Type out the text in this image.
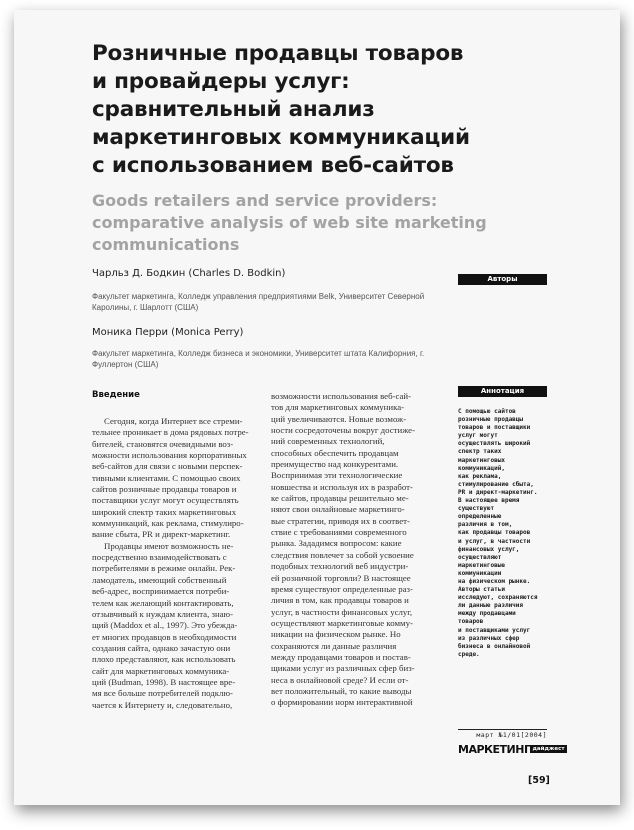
Розничные продавцы товаров
и провайдеры услуг:
сравнительный анализ
маркетинговых коммуникаций
с использованием веб-сайтов
Goods retailers and service providers:
comparative analysis of web site marketing
communications
Чарльз Д. Бодкин (Charles D. Bodkin)	Авторы
Факультет маркетинга, Колледж управления предприятиями Belk, Университет Северной
Каролины, г. Шарлотт (США)
Моника Перри (Monica Perry)
Факультет маркетинга, Колледж бизнеса и экономики, Университет штата Калифорния, г.
Фуллертон (США)
Введение
Сегодня, когда Интернет все стреми-
тельнее проникает в дома рядовых потре-
бителей, становятся очевидными воз-
можности использования корпоративных
веб-сайтов для связи с новыми перспек-
тивными клиентами. С помощью своих
сайтов розничные продавцы товаров и
поставщики услуг могут осуществлять
широкий спектр таких маркетинговых
коммуникаций, как реклама, стимулиро-
вание сбыта, PR и директ-маркетинг.
Продавцы имеют возможность не-
посредственно взаимодействовать с
потребителями в режиме онлайн. Рек-
ламодатель, имеющий собственный
веб-адрес, воспринимается потреби-
телем как желающий контактировать,
отзывчивый к нуждам клиента, знаю-
щий (Maddox et al., 1997). Это убежда-
ет многих продавцов в необходимости
создания сайта, однако зачастую они
плохо представляют, как использовать
сайт для маркетинговых коммуника-
ций (Budman, 1998). В настоящее вре-
мя все больше потребителей подклю-
чается к Интернету и, следовательно,
возможности использования веб-сай-
тов для маркетинговых коммуника-
ций увеличиваются. Новые возмож-
ности сосредоточены вокруг достиже-
ний современных технологий,
способных обеспечить продавцам
преимущество над конкурентами.
Воспринимая эти технологические
новшества и используя их в разработ-
ке сайтов, продавцы решительно ме-
няют свои онлайновые маркетинго-
вые стратегии, приводя их в соответ-
ствие с требованиями современного
рынка. Зададимся вопросом: какие
следствия повлечет за собой усвоение
подобных технологий веб индустри-
ей розничной торговли? В настоящее
время существуют определенные раз-
личия в том, как продавцы товаров и
услуг, в частности финансовых услуг,
осуществляют маркетинговые комму-
никации на физическом рынке. Но
сохраняются ли данные различия
между продавцами товаров и постав-
щиками услуг из различных сфер биз-
неса в онлайновой среде? И если от-
вет положительный, то какие выводы
о формировании норм интерактивной
Аннотация
С помощью сайтов
розничные продавцы
товаров и поставщики
услуг могут
осуществлять широкий
спектр таких
маркетинговых
коммуникаций,
как реклама,
стимулирование сбыта,
PR и директ-маркетинг.
В настоящее время
существуют
определенные
различия в том,
как продавцы товаров
и услуг, в частности
финансовых услуг,
осуществляют
маркетинговые
коммуникации
на физическом рынке.
Авторы статьи
исследуют, сохраняются
ли данные различия
между продавцами
товаров
и поставщиками услуг
из различных сфер
бизнеса в онлайновой
среде.
март №1/01[2004]
МАРКЕТИНГ дайджест
[59]
